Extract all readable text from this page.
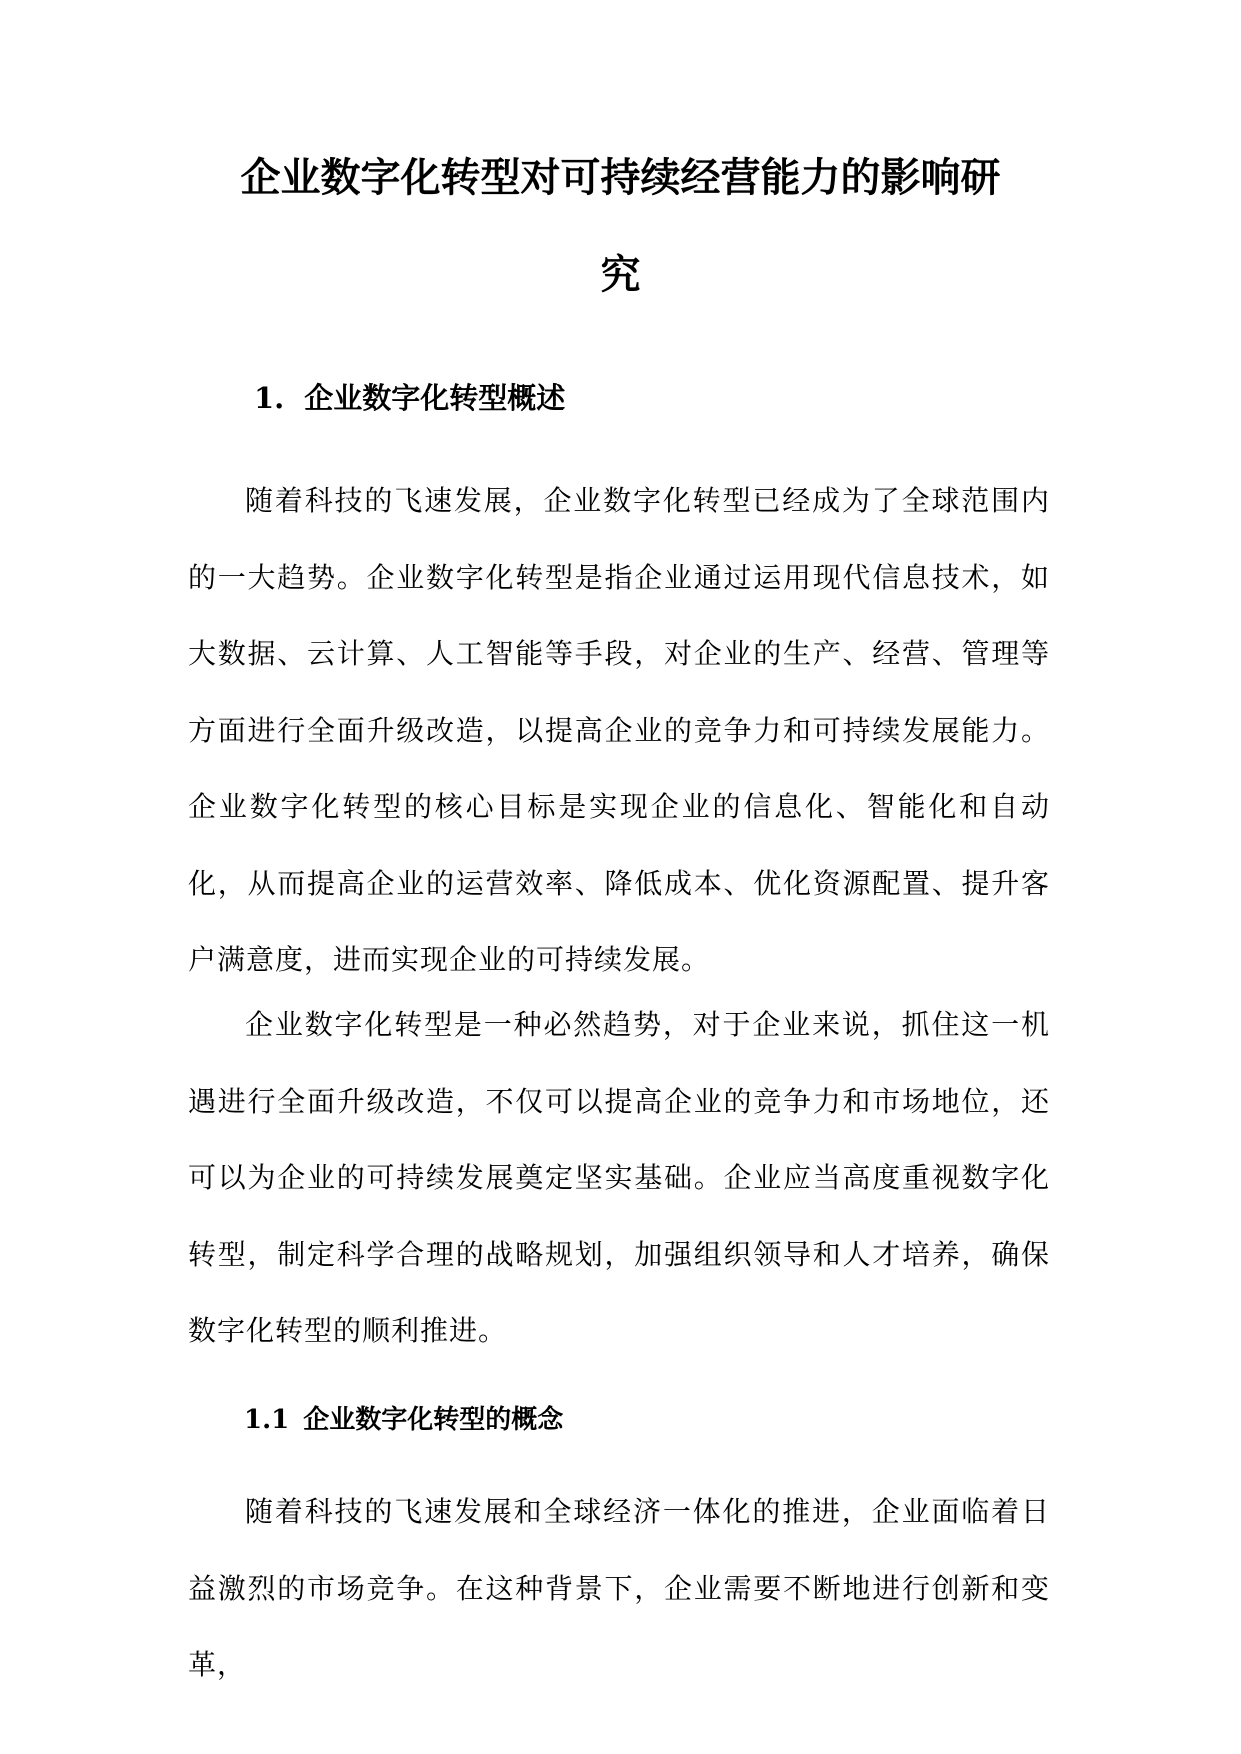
企业数字化转型对可持续经营能力的影响研
究
1. 企业数字化转型概述

随着科技的飞速发展，企业数字化转型已经成为了全球范围内的一大趋势。企业数字化转型是指企业通过运用现代信息技术，如大数据、云计算、人工智能等手段，对企业的生产、经营、管理等方面进行全面升级改造，以提高企业的竞争力和可持续发展能力。企业数字化转型的核心目标是实现企业的信息化、智能化和自动化，从而提高企业的运营效率、降低成本、优化资源配置、提升客户满意度，进而实现企业的可持续发展。

企业数字化转型是一种必然趋势，对于企业来说，抓住这一机遇进行全面升级改造，不仅可以提高企业的竞争力和市场地位，还可以为企业的可持续发展奠定坚实基础。企业应当高度重视数字化转型，制定科学合理的战略规划，加强组织领导和人才培养，确保数字化转型的顺利推进。

1.1 企业数字化转型的概念

随着科技的飞速发展和全球经济一体化的推进，企业面临着日益激烈的市场竞争。在这种背景下，企业需要不断地进行创新和变革，
